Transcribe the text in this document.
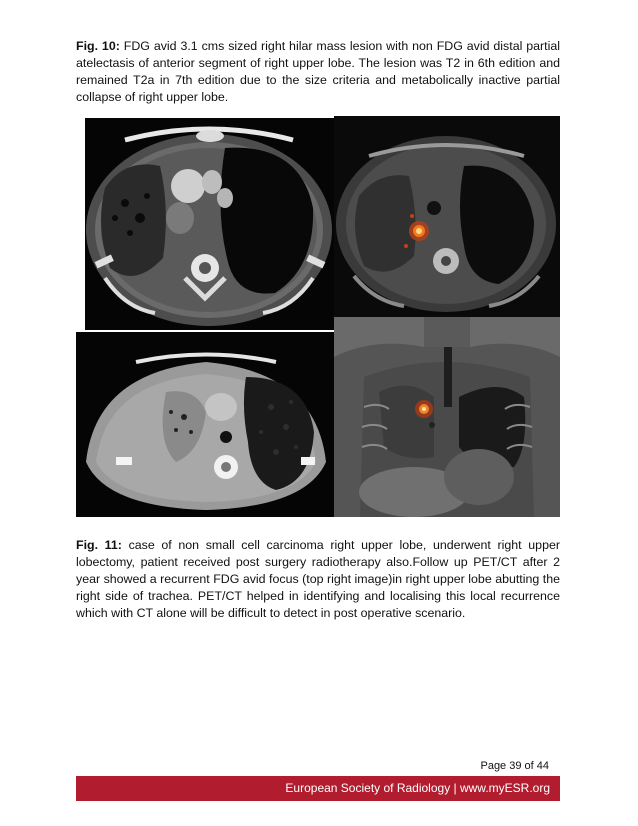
Fig. 10: FDG avid 3.1 cms sized right hilar mass lesion with non FDG avid distal partial atelectasis of anterior segment of right upper lobe. The lesion was T2 in 6th edition and remained T2a in 7th edition due to the size criteria and metabolically inactive partial collapse of right upper lobe.

Fig. 11: case of non small cell carcinoma right upper lobe, underwent right upper lobectomy, patient received post surgery radiotherapy also.Follow up PET/CT after 2 year showed a recurrent FDG avid focus (top right image)in right upper lobe abutting the right side of trachea. PET/CT helped in identifying and localising this local recurrence which with CT alone will be difficult to detect in post operative scenario.

Page 39 of 44
European Society of Radiology | www.myESR.org
